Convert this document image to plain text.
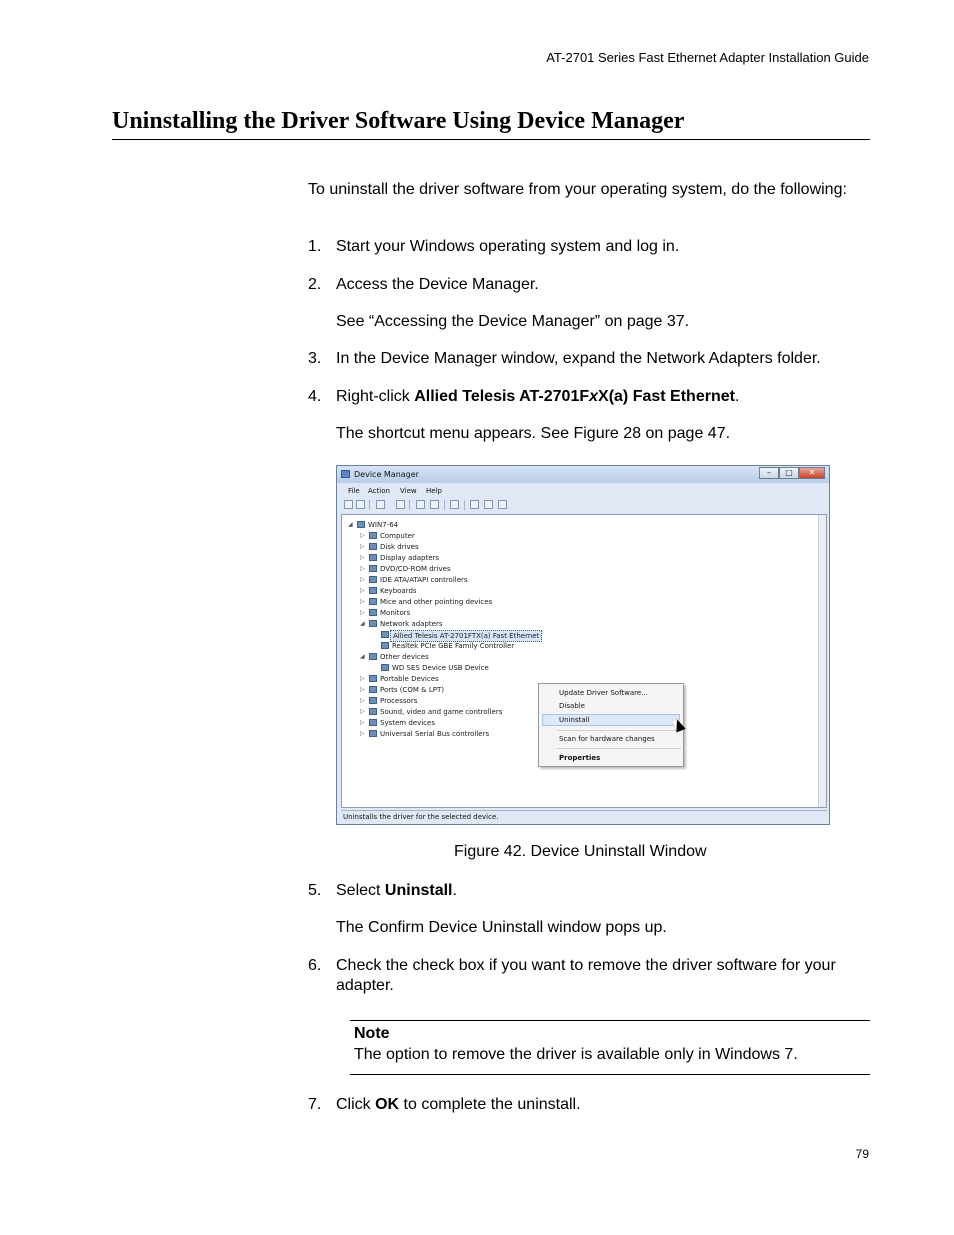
AT-2701 Series Fast Ethernet Adapter Installation Guide
Uninstalling the Driver Software Using Device Manager
To uninstall the driver software from your operating system, do the following:
1. Start your Windows operating system and log in.
2. Access the Device Manager.
See “Accessing the Device Manager” on page 37.
3. In the Device Manager window, expand the Network Adapters folder.
4. Right-click Allied Telesis AT-2701FxX(a) Fast Ethernet.
The shortcut menu appears. See Figure 28 on page 47.
Device Manager	–	□	✕
File Action View Help
◢ WIN7-64
▷ Computer
▷ Disk drives
▷ Display adapters
▷ DVD/CD-ROM drives
▷ IDE ATA/ATAPI controllers
▷ Keyboards
▷ Mice and other pointing devices
▷ Monitors
◢ Network adapters
Allied Telesis AT-2701FTX(a) Fast Ethernet
Realtek PCIe GBE Family Controller
◢ Other devices
WD SES Device USB Device
▷ Portable Devices
▷ Ports (COM & LPT)
▷ Processors
▷ Sound, video and game controllers
▷ System devices
▷ Universal Serial Bus controllers
Update Driver Software...
Disable
Uninstall
Scan for hardware changes
Properties
Uninstalls the driver for the selected device.
Figure 42. Device Uninstall Window
5. Select Uninstall.
The Confirm Device Uninstall window pops up.
6. Check the check box if you want to remove the driver software for your adapter.
Note
The option to remove the driver is available only in Windows 7.
7. Click OK to complete the uninstall.
79
